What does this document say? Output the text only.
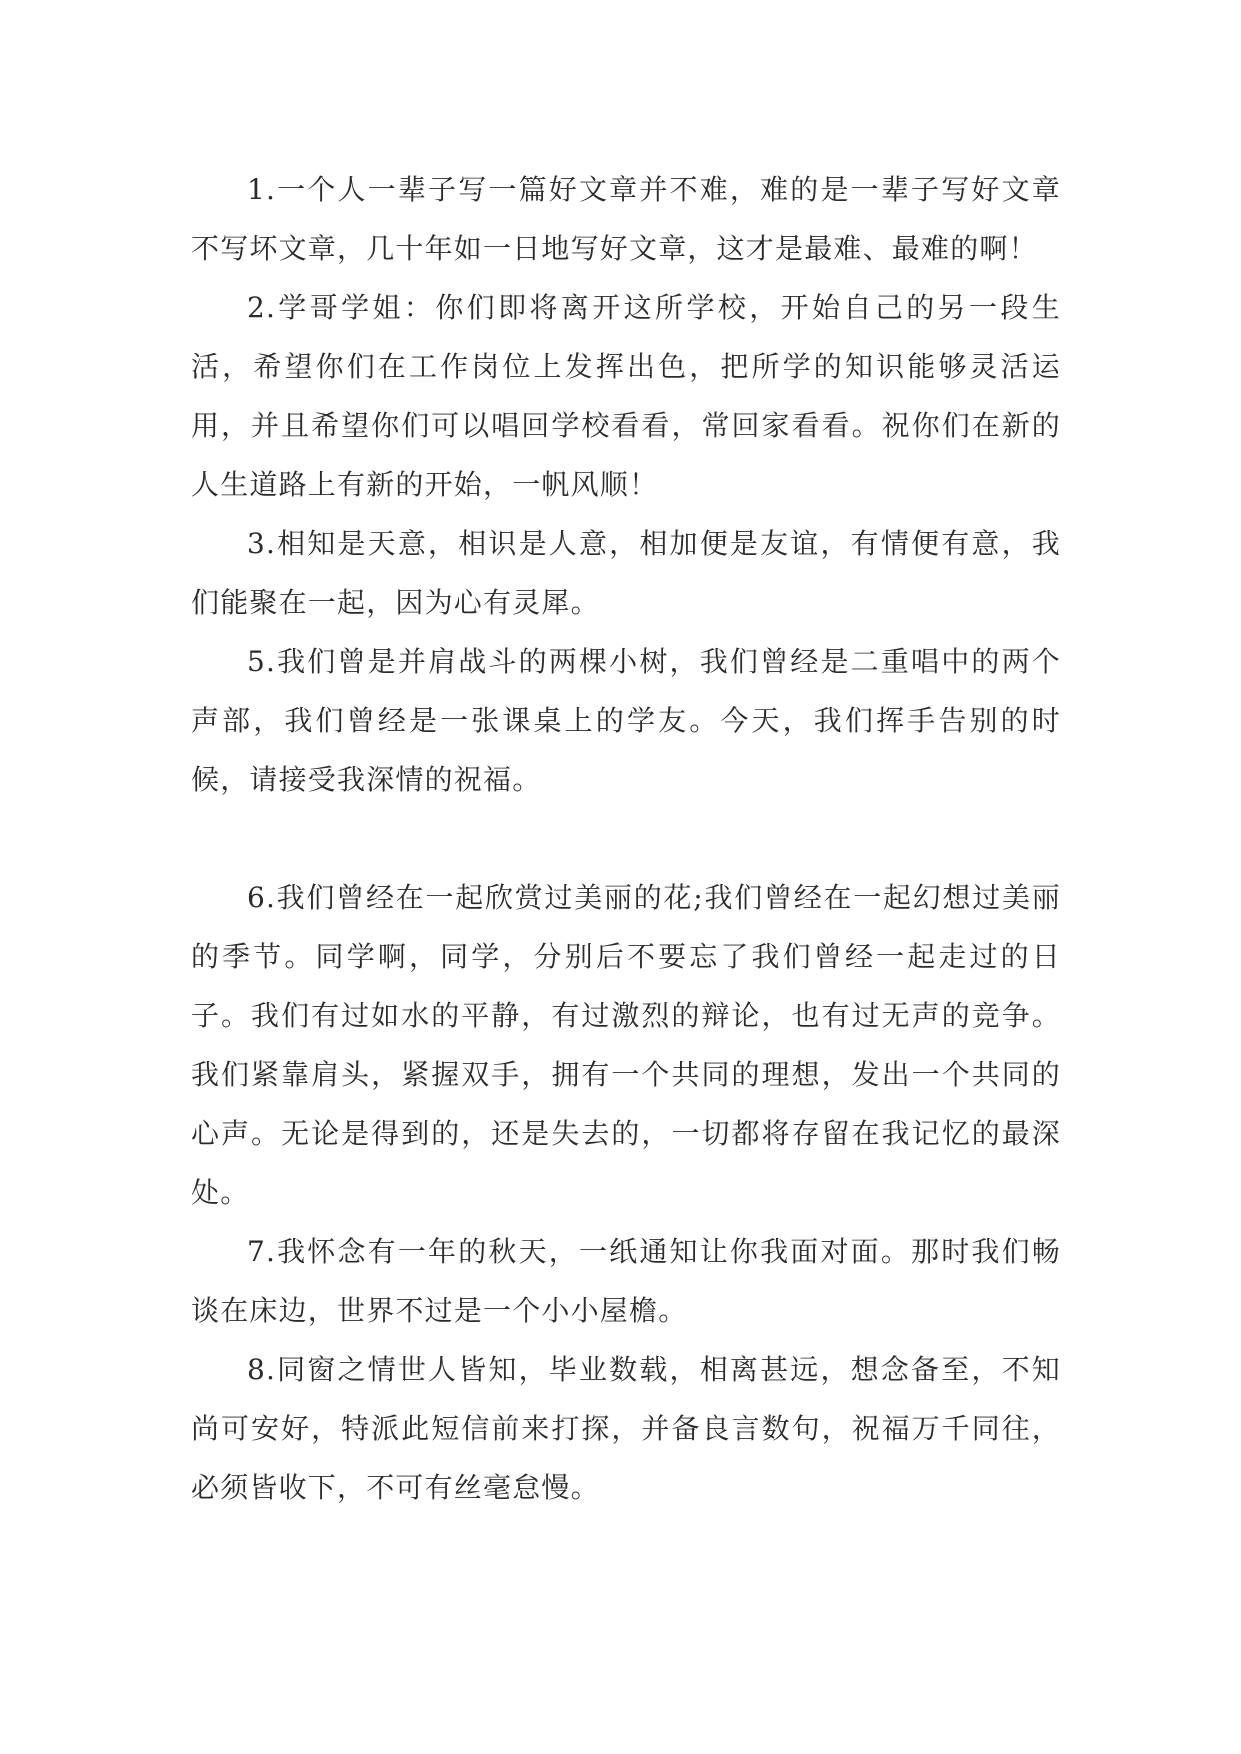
1.一个人一辈子写一篇好文章并不难，难的是一辈子写好文章不写坏文章，几十年如一日地写好文章，这才是最难、最难的啊！

2.学哥学姐：你们即将离开这所学校，开始自己的另一段生活，希望你们在工作岗位上发挥出色，把所学的知识能够灵活运用，并且希望你们可以唱回学校看看，常回家看看。祝你们在新的人生道路上有新的开始，一帆风顺！

3.相知是天意，相识是人意，相加便是友谊，有情便有意，我们能聚在一起，因为心有灵犀。

5.我们曾是并肩战斗的两棵小树，我们曾经是二重唱中的两个声部，我们曾经是一张课桌上的学友。今天，我们挥手告别的时候，请接受我深情的祝福。

6.我们曾经在一起欣赏过美丽的花;我们曾经在一起幻想过美丽的季节。同学啊，同学，分别后不要忘了我们曾经一起走过的日子。我们有过如水的平静，有过激烈的辩论，也有过无声的竞争。我们紧靠肩头，紧握双手，拥有一个共同的理想，发出一个共同的心声。无论是得到的，还是失去的，一切都将存留在我记忆的最深处。

7.我怀念有一年的秋天，一纸通知让你我面对面。那时我们畅谈在床边，世界不过是一个小小屋檐。

8.同窗之情世人皆知，毕业数载，相离甚远，想念备至，不知尚可安好，特派此短信前来打探，并备良言数句，祝福万千同往，必须皆收下，不可有丝毫怠慢。
